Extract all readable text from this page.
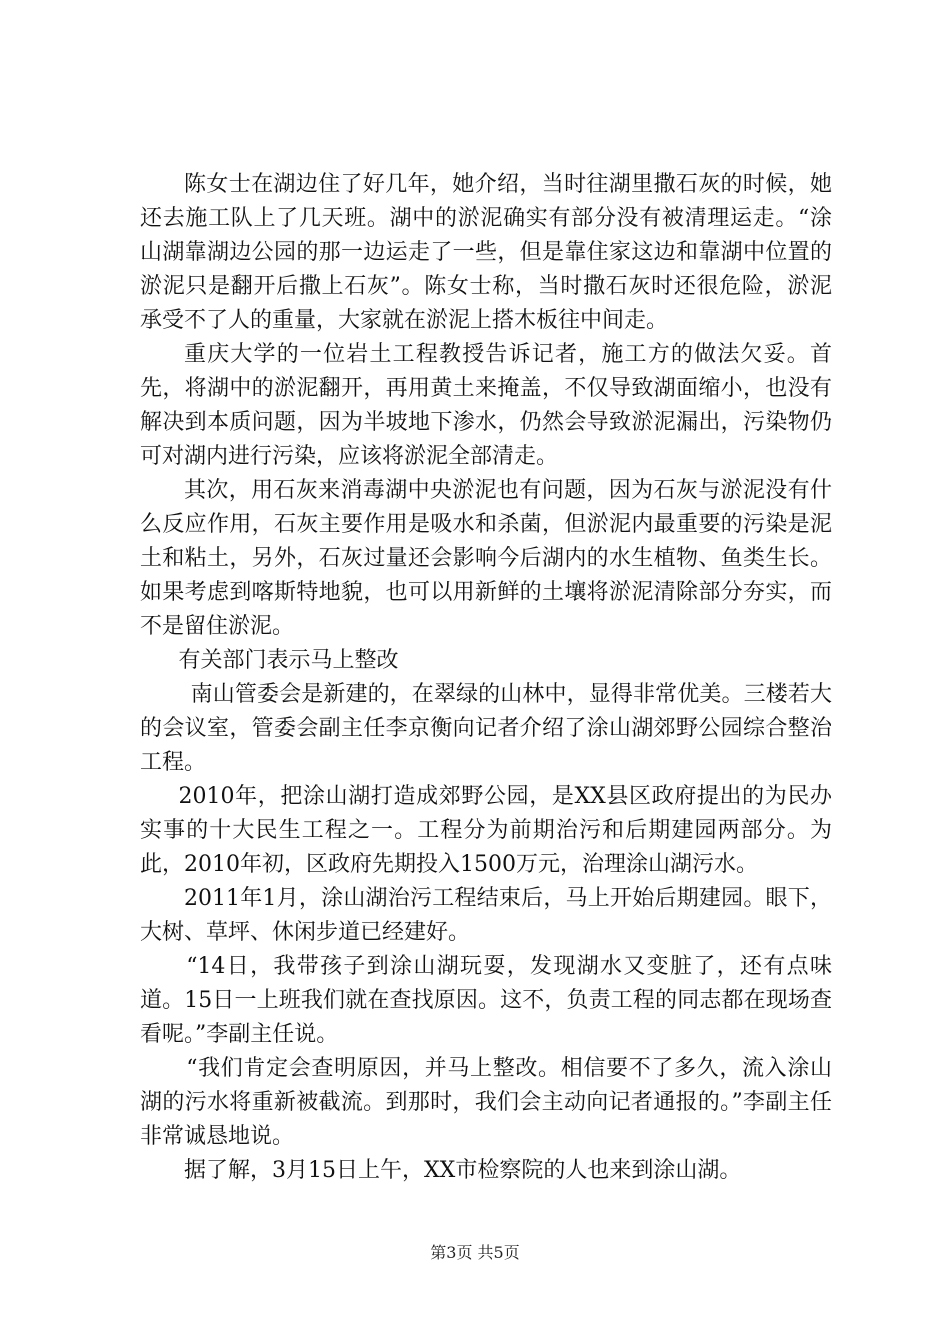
陈女士在湖边住了好几年，她介绍，当时往湖里撒石灰的时候，她还去施工队上了几天班。湖中的淤泥确实有部分没有被清理运走。“涂山湖靠湖边公园的那一边运走了一些，但是靠住家这边和靠湖中位置的淤泥只是翻开后撒上石灰”。陈女士称，当时撒石灰时还很危险，淤泥承受不了人的重量，大家就在淤泥上搭木板往中间走。

重庆大学的一位岩土工程教授告诉记者，施工方的做法欠妥。首先，将湖中的淤泥翻开，再用黄土来掩盖，不仅导致湖面缩小，也没有解决到本质问题，因为半坡地下渗水，仍然会导致淤泥漏出，污染物仍可对湖内进行污染，应该将淤泥全部清走。

其次，用石灰来消毒湖中央淤泥也有问题，因为石灰与淤泥没有什么反应作用，石灰主要作用是吸水和杀菌，但淤泥内最重要的污染是泥土和粘土，另外，石灰过量还会影响今后湖内的水生植物、鱼类生长。如果考虑到喀斯特地貌，也可以用新鲜的土壤将淤泥清除部分夯实，而不是留住淤泥。

有关部门表示马上整改

南山管委会是新建的，在翠绿的山林中，显得非常优美。三楼若大的会议室，管委会副主任李京衡向记者介绍了涂山湖郊野公园综合整治工程。

2010年，把涂山湖打造成郊野公园，是XX县区政府提出的为民办实事的十大民生工程之一。工程分为前期治污和后期建园两部分。为此，2010年初，区政府先期投入1500万元，治理涂山湖污水。

2011年1月，涂山湖治污工程结束后，马上开始后期建园。眼下，大树、草坪、休闲步道已经建好。

“14日，我带孩子到涂山湖玩耍，发现湖水又变脏了，还有点味道。15日一上班我们就在查找原因。这不，负责工程的同志都在现场查看呢。”李副主任说。

“我们肯定会查明原因，并马上整改。相信要不了多久，流入涂山湖的污水将重新被截流。到那时，我们会主动向记者通报的。”李副主任非常诚恳地说。

据了解，3月15日上午，XX市检察院的人也来到涂山湖。

第3页 共5页
